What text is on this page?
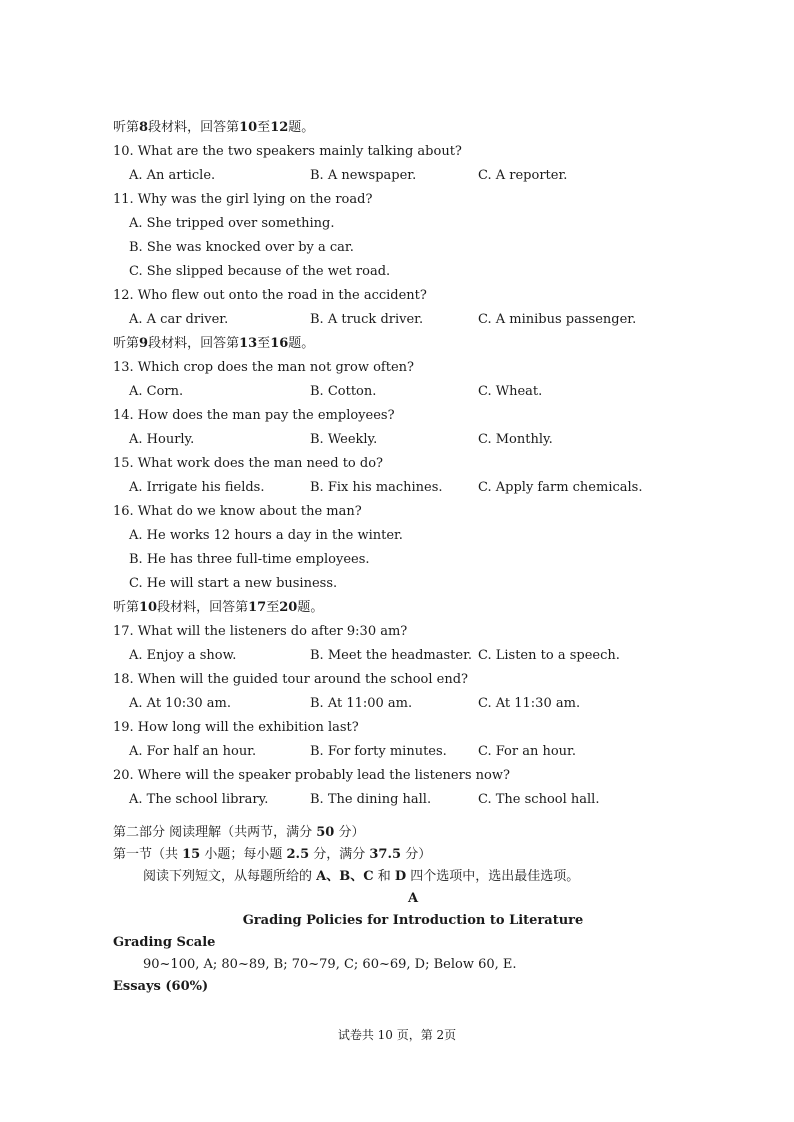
听第8段材料，回答第10至12题。
10. What are the two speakers mainly talking about?
A. An article.	B. A newspaper.	C. A reporter.
11. Why was the girl lying on the road?
A. She tripped over something.
B. She was knocked over by a car.
C. She slipped because of the wet road.
12. Who flew out onto the road in the accident?
A. A car driver.	B. A truck driver.	C. A minibus passenger.
听第9段材料，回答第13至16题。
13. Which crop does the man not grow often?
A. Corn.	B. Cotton.	C. Wheat.
14. How does the man pay the employees?
A. Hourly.	B. Weekly.	C. Monthly.
15. What work does the man need to do?
A. Irrigate his fields.	B. Fix his machines.	C. Apply farm chemicals.
16. What do we know about the man?
A. He works 12 hours a day in the winter.
B. He has three full-time employees.
C. He will start a new business.
听第10段材料，回答第17至20题。
17. What will the listeners do after 9:30 am?
A. Enjoy a show.	B. Meet the headmaster. C. Listen to a speech.
18. When will the guided tour around the school end?
A. At 10:30 am.	B. At 11:00 am.	C. At 11:30 am.
19. How long will the exhibition last?
A. For half an hour.	B. For forty minutes. C. For an hour.
20. Where will the speaker probably lead the listeners now?
A. The school library.	B. The dining hall.	C. The school hall.
第二部分 阅读理解（共两节，满分 50 分）
第一节（共 15 小题；每小题 2.5 分，满分 37.5 分）
阅读下列短文，从每题所给的 A、B、C 和 D 四个选项中，选出最佳选项。
A
Grading Policies for Introduction to Literature
Grading Scale
90~100, A; 80~89, B; 70~79, C; 60~69, D; Below 60, E.
Essays (60%)
试卷共 10 页，第 2页
